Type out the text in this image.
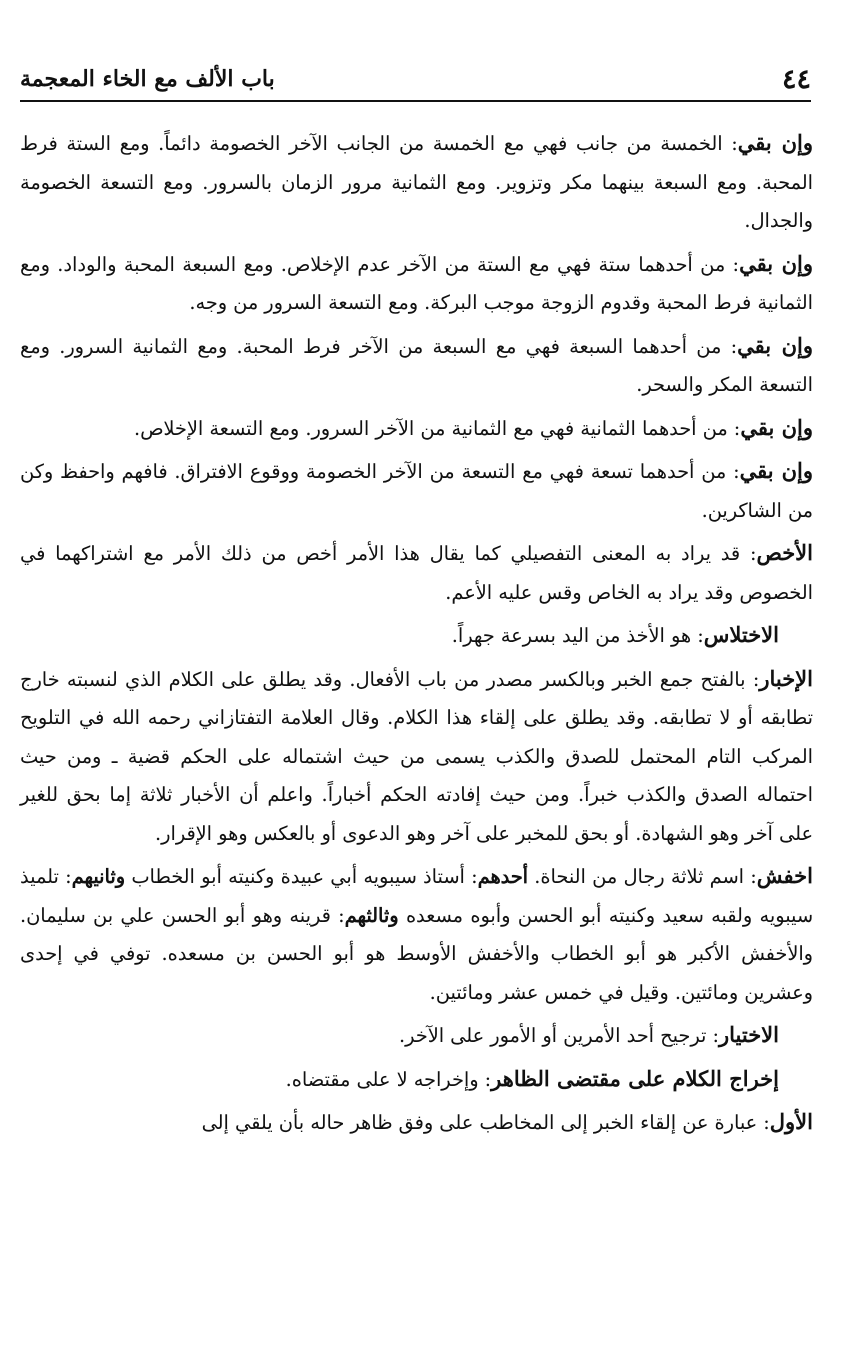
٤٤
باب الألف مع الخاء المعجمة

وإن بقي: الخمسة من جانب فهي مع الخمسة من الجانب الآخر الخصومة دائماً. ومع الستة فرط المحبة. ومع السبعة بينهما مكر وتزوير. ومع الثمانية مرور الزمان بالسرور. ومع التسعة الخصومة والجدال.

وإن بقي: من أحدهما ستة فهي مع الستة من الآخر عدم الإخلاص. ومع السبعة المحبة والوداد. ومع الثمانية فرط المحبة وقدوم الزوجة موجب البركة. ومع التسعة السرور من وجه.

وإن بقي: من أحدهما السبعة فهي مع السبعة من الآخر فرط المحبة. ومع الثمانية السرور. ومع التسعة المكر والسحر.

وإن بقي: من أحدهما الثمانية فهي مع الثمانية من الآخر السرور. ومع التسعة الإخلاص.

وإن بقي: من أحدهما تسعة فهي مع التسعة من الآخر الخصومة ووقوع الافتراق. فافهم واحفظ وكن من الشاكرين.

الأخص: قد يراد به المعنى التفصيلي كما يقال هذا الأمر أخص من ذلك الأمر مع اشتراكهما في الخصوص وقد يراد به الخاص وقس عليه الأعم.

الاختلاس: هو الأخذ من اليد بسرعة جهراً.

الإخبار: بالفتح جمع الخبر وبالكسر مصدر من باب الأفعال. وقد يطلق على الكلام الذي لنسبته خارج تطابقه أو لا تطابقه. وقد يطلق على إلقاء هذا الكلام. وقال العلامة التفتازاني رحمه الله في التلويح المركب التام المحتمل للصدق والكذب يسمى من حيث اشتماله على الحكم قضية ـ ومن حيث احتماله الصدق والكذب خبراً. ومن حيث إفادته الحكم أخباراً. واعلم أن الأخبار ثلاثة إما بحق للغير على آخر وهو الشهادة. أو بحق للمخبر على آخر وهو الدعوى أو بالعكس وهو الإقرار.

اخفش: اسم ثلاثة رجال من النحاة. أحدهم: أستاذ سيبويه أبي عبيدة وكنيته أبو الخطاب وثانيهم: تلميذ سيبويه ولقبه سعيد وكنيته أبو الحسن وأبوه مسعده وثالثهم: قرينه وهو أبو الحسن علي بن سليمان. والأخفش الأكبر هو أبو الخطاب والأخفش الأوسط هو أبو الحسن بن مسعده. توفي في إحدى وعشرين ومائتين. وقيل في خمس عشر ومائتين.

الاختيار: ترجيح أحد الأمرين أو الأمور على الآخر.

إخراج الكلام على مقتضى الظاهر: وإخراجه لا على مقتضاه.

الأول: عبارة عن إلقاء الخبر إلى المخاطب على وفق ظاهر حاله بأن يلقي إلى
